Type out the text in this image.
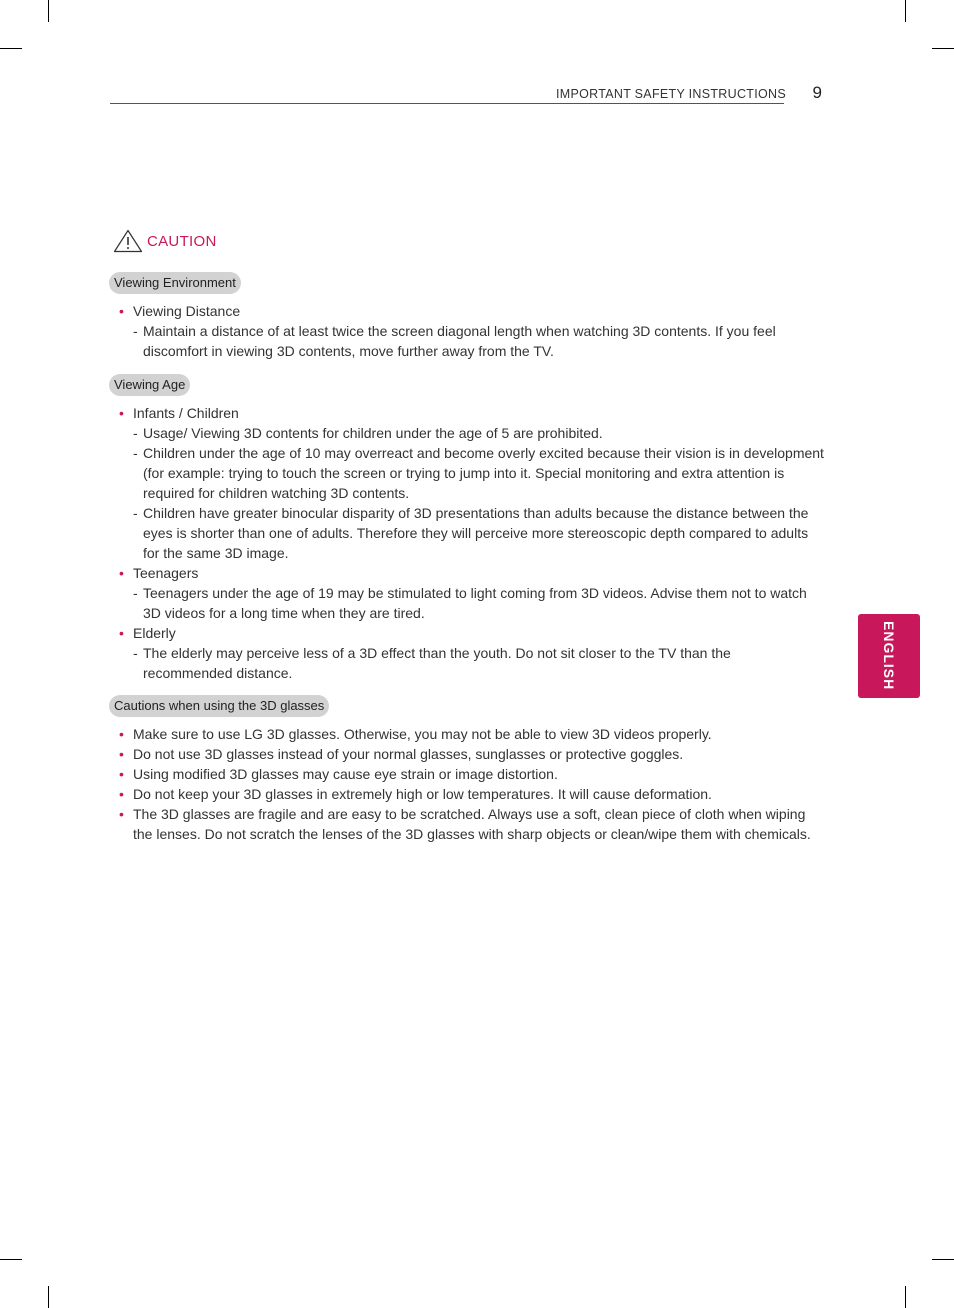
IMPORTANT SAFETY INSTRUCTIONS 9
CAUTION
Viewing Environment
• Viewing Distance
- Maintain a distance of at least twice the screen diagonal length when watching 3D contents. If you feel discomfort in viewing 3D contents, move further away from the TV.
Viewing Age
• Infants / Children
- Usage/ Viewing 3D contents for children under the age of 5 are prohibited.
- Children under the age of 10 may overreact and become overly excited because their vision is in development (for example: trying to touch the screen or trying to jump into it. Special monitoring and extra attention is required for children watching 3D contents.
- Children have greater binocular disparity of 3D presentations than adults because the distance between the eyes is shorter than one of adults. Therefore they will perceive more stereoscopic depth compared to adults for the same 3D image.
• Teenagers
- Teenagers under the age of 19 may be stimulated to light coming from 3D videos. Advise them not to watch 3D videos for a long time when they are tired.
• Elderly
- The elderly may perceive less of a 3D effect than the youth. Do not sit closer to the TV than the recommended distance.
Cautions when using the 3D glasses
• Make sure to use LG 3D glasses. Otherwise, you may not be able to view 3D videos properly.
• Do not use 3D glasses instead of your normal glasses, sunglasses or protective goggles.
• Using modified 3D glasses may cause eye strain or image distortion.
• Do not keep your 3D glasses in extremely high or low temperatures. It will cause deformation.
• The 3D glasses are fragile and are easy to be scratched. Always use a soft, clean piece of cloth when wiping the lenses. Do not scratch the lenses of the 3D glasses with sharp objects or clean/wipe them with chemicals.
ENGLISH
